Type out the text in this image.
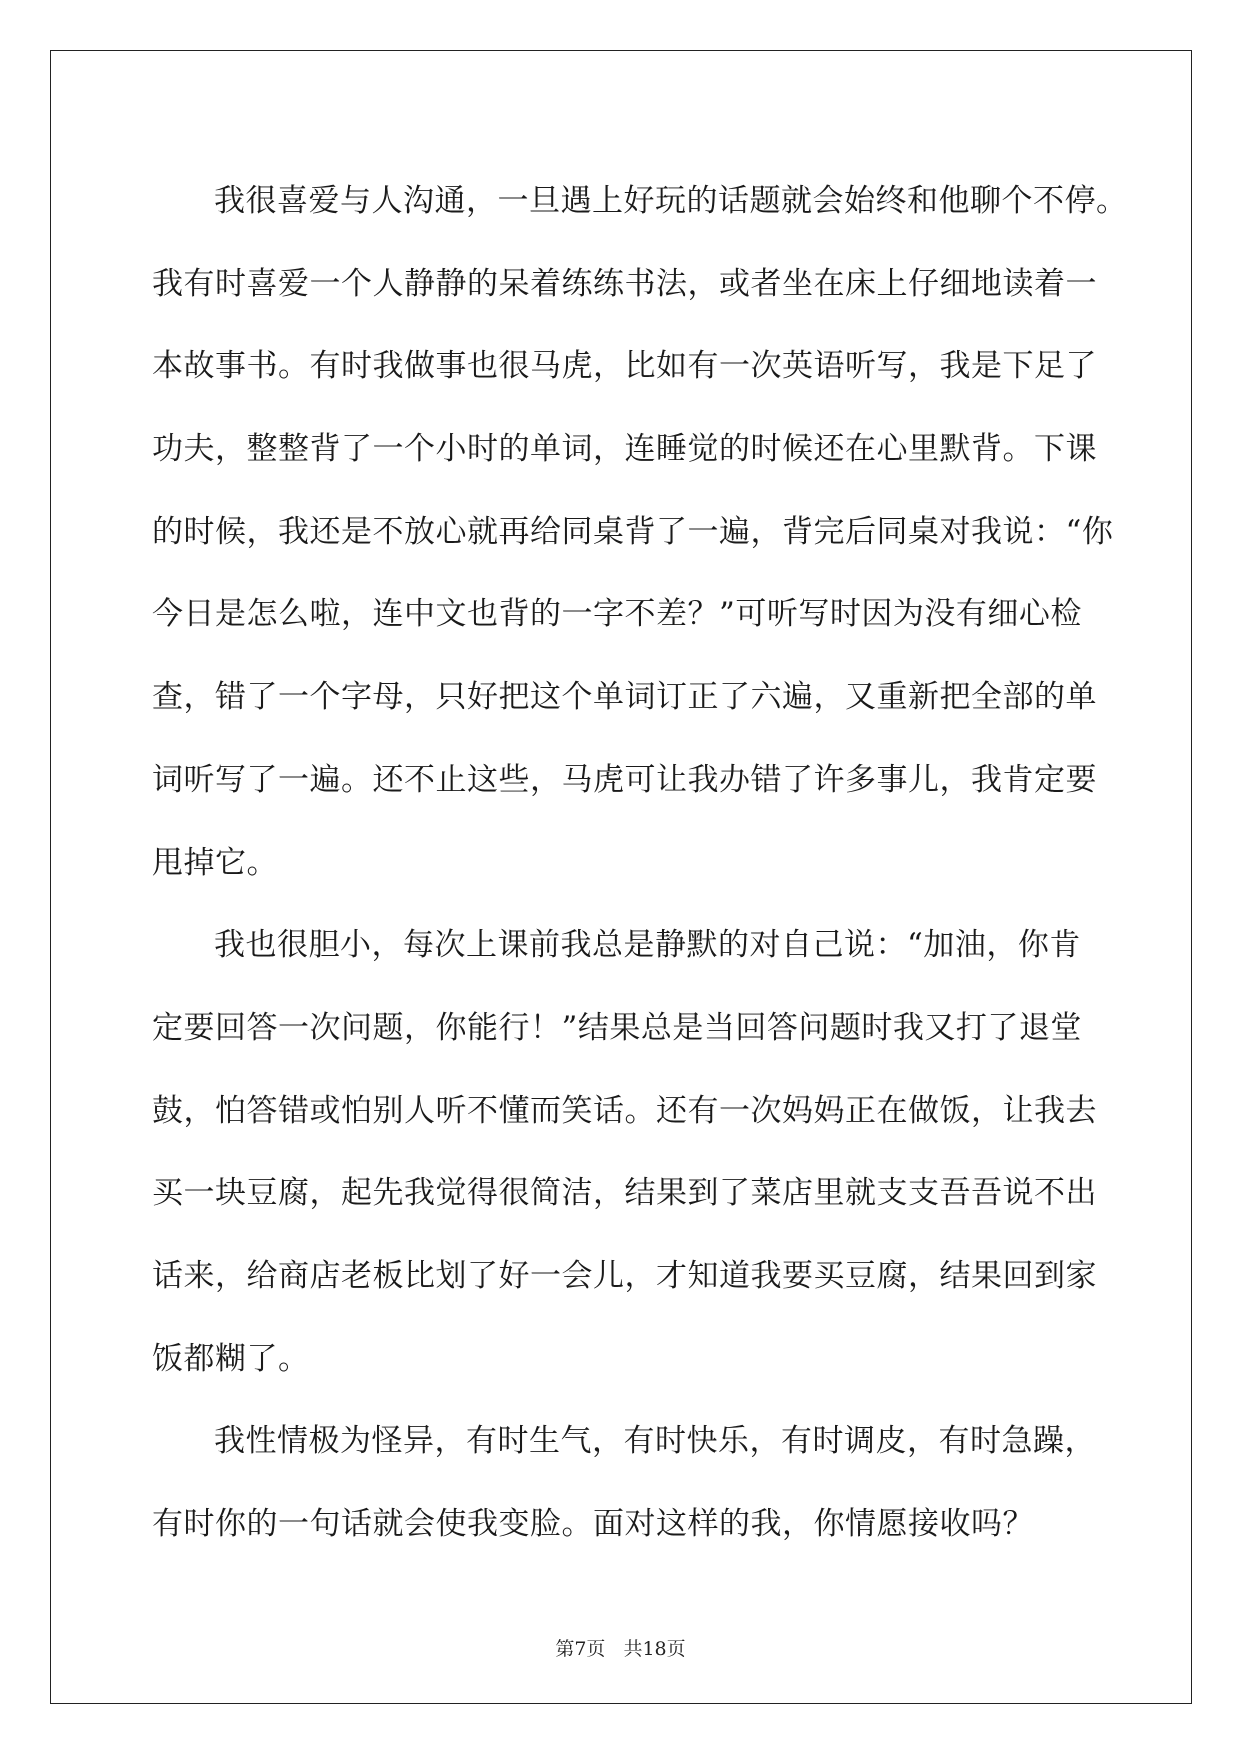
我很喜爱与人沟通，一旦遇上好玩的话题就会始终和他聊个不停。
我有时喜爱一个人静静的呆着练练书法，或者坐在床上仔细地读着一
本故事书。有时我做事也很马虎，比如有一次英语听写，我是下足了
功夫，整整背了一个小时的单词，连睡觉的时候还在心里默背。下课
的时候，我还是不放心就再给同桌背了一遍，背完后同桌对我说：“你
今日是怎么啦，连中文也背的一字不差？”可听写时因为没有细心检
查，错了一个字母，只好把这个单词订正了六遍，又重新把全部的单
词听写了一遍。还不止这些，马虎可让我办错了许多事儿，我肯定要
甩掉它。
我也很胆小，每次上课前我总是静默的对自己说：“加油，你肯
定要回答一次问题，你能行！”结果总是当回答问题时我又打了退堂
鼓，怕答错或怕别人听不懂而笑话。还有一次妈妈正在做饭，让我去
买一块豆腐，起先我觉得很简洁，结果到了菜店里就支支吾吾说不出
话来，给商店老板比划了好一会儿，才知道我要买豆腐，结果回到家
饭都糊了。
我性情极为怪异，有时生气，有时快乐，有时调皮，有时急躁，
有时你的一句话就会使我变脸。面对这样的我，你情愿接收吗？
第7页 共18页
